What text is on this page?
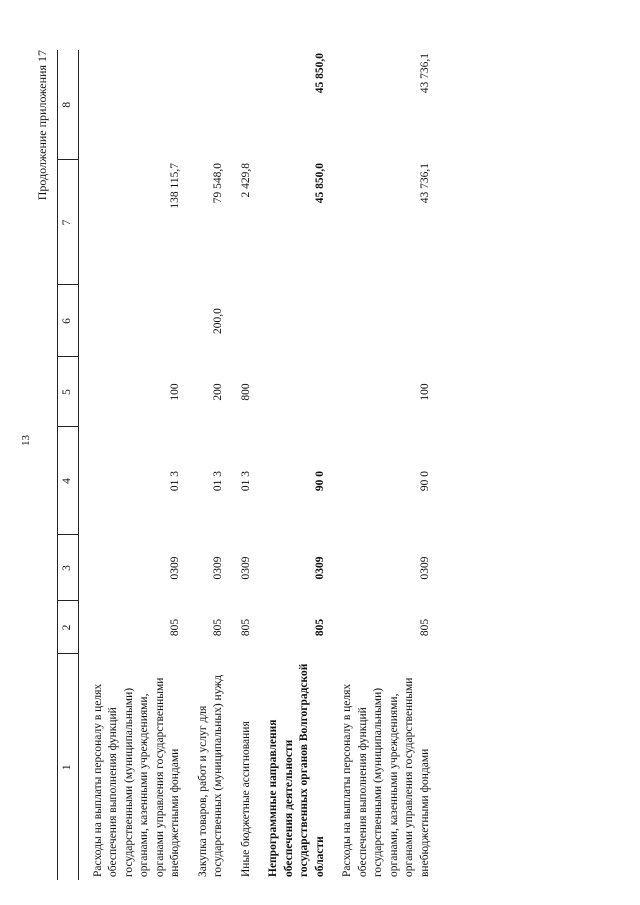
13
Продолжение приложения 17
1	2	3	4	5	6	7	8
Расходы на выплаты персоналу в целях обеспечения выполнения функций государственными (муниципальными) органами, казенными учреждениями, органами управления государственными внебюджетными фондами	805	0309	01 3	100		138 115,7	
Закупка товаров, работ и услуг для государственных (муниципальных) нужд	805	0309	01 3	200	200,0	79 548,0	
Иные бюджетные ассигнования	805	0309	01 3	800		2 429,8	
Непрограммные направления обеспечения деятельности государственных органов Волгоградской области	805	0309	90 0			45 850,0	45 850,0
Расходы на выплаты персоналу в целях обеспечения выполнения функций государственными (муниципальными) органами, казенными учреждениями, органами управления государственными внебюджетными фондами	805	0309	90 0	100		43 736,1	43 736,1
